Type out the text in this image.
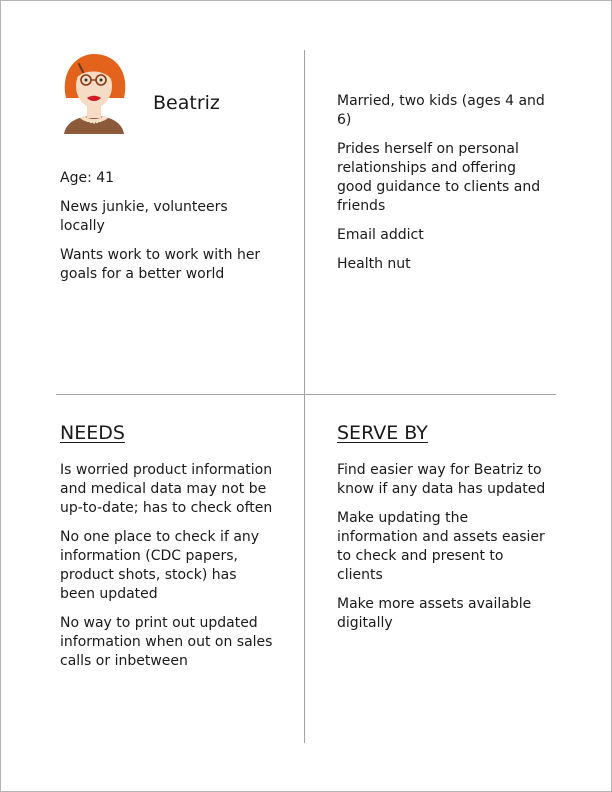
Beatriz

Age: 41

News junkie, volunteers locally

Wants work to work with her goals for a better world

Married, two kids (ages 4 and 6)

Prides herself on personal relationships and offering good guidance to clients and friends

Email addict

Health nut

NEEDS	SERVE BY

Is worried product information and medical data may not be up-to-date; has to check often

No one place to check if any information (CDC papers, product shots, stock) has been updated

No way to print out updated information when out on sales calls or inbetween

Find easier way for Beatriz to know if any data has updated

Make updating the information and assets easier to check and present to clients

Make more assets available digitally
